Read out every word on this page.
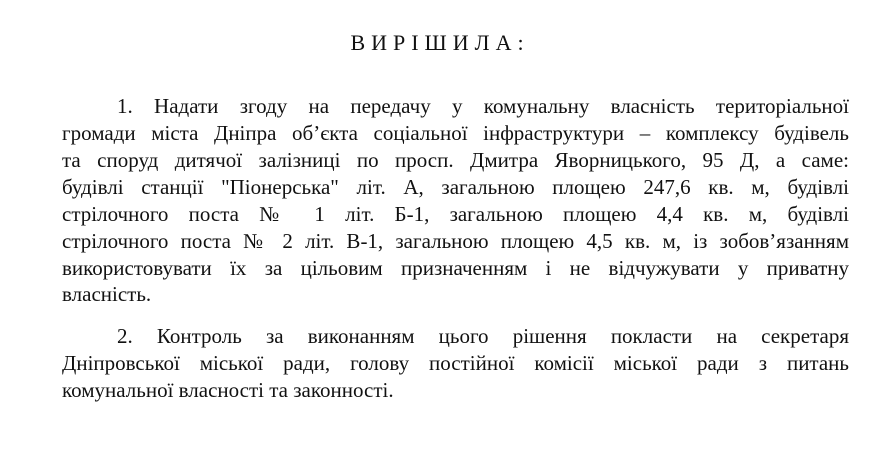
ВИРІШИЛА:
1. Надати згоду на передачу у комунальну власність територіальної
громади міста Дніпра об’єкта соціальної інфраструктури – комплексу будівель
та споруд дитячої залізниці по просп. Дмитра Яворницького, 95 Д, а саме:
будівлі станції "Піонерська" літ. А, загальною площею 247,6 кв. м, будівлі
стрілочного поста № 1 літ. Б-1, загальною площею 4,4 кв. м, будівлі
стрілочного поста № 2 літ. В-1, загальною площею 4,5 кв. м, із зобов’язанням
використовувати їх за цільовим призначенням і не відчужувати у приватну
власність.
2. Контроль за виконанням цього рішення покласти на секретаря
Дніпровської міської ради, голову постійної комісії міської ради з питань
комунальної власності та законності.
